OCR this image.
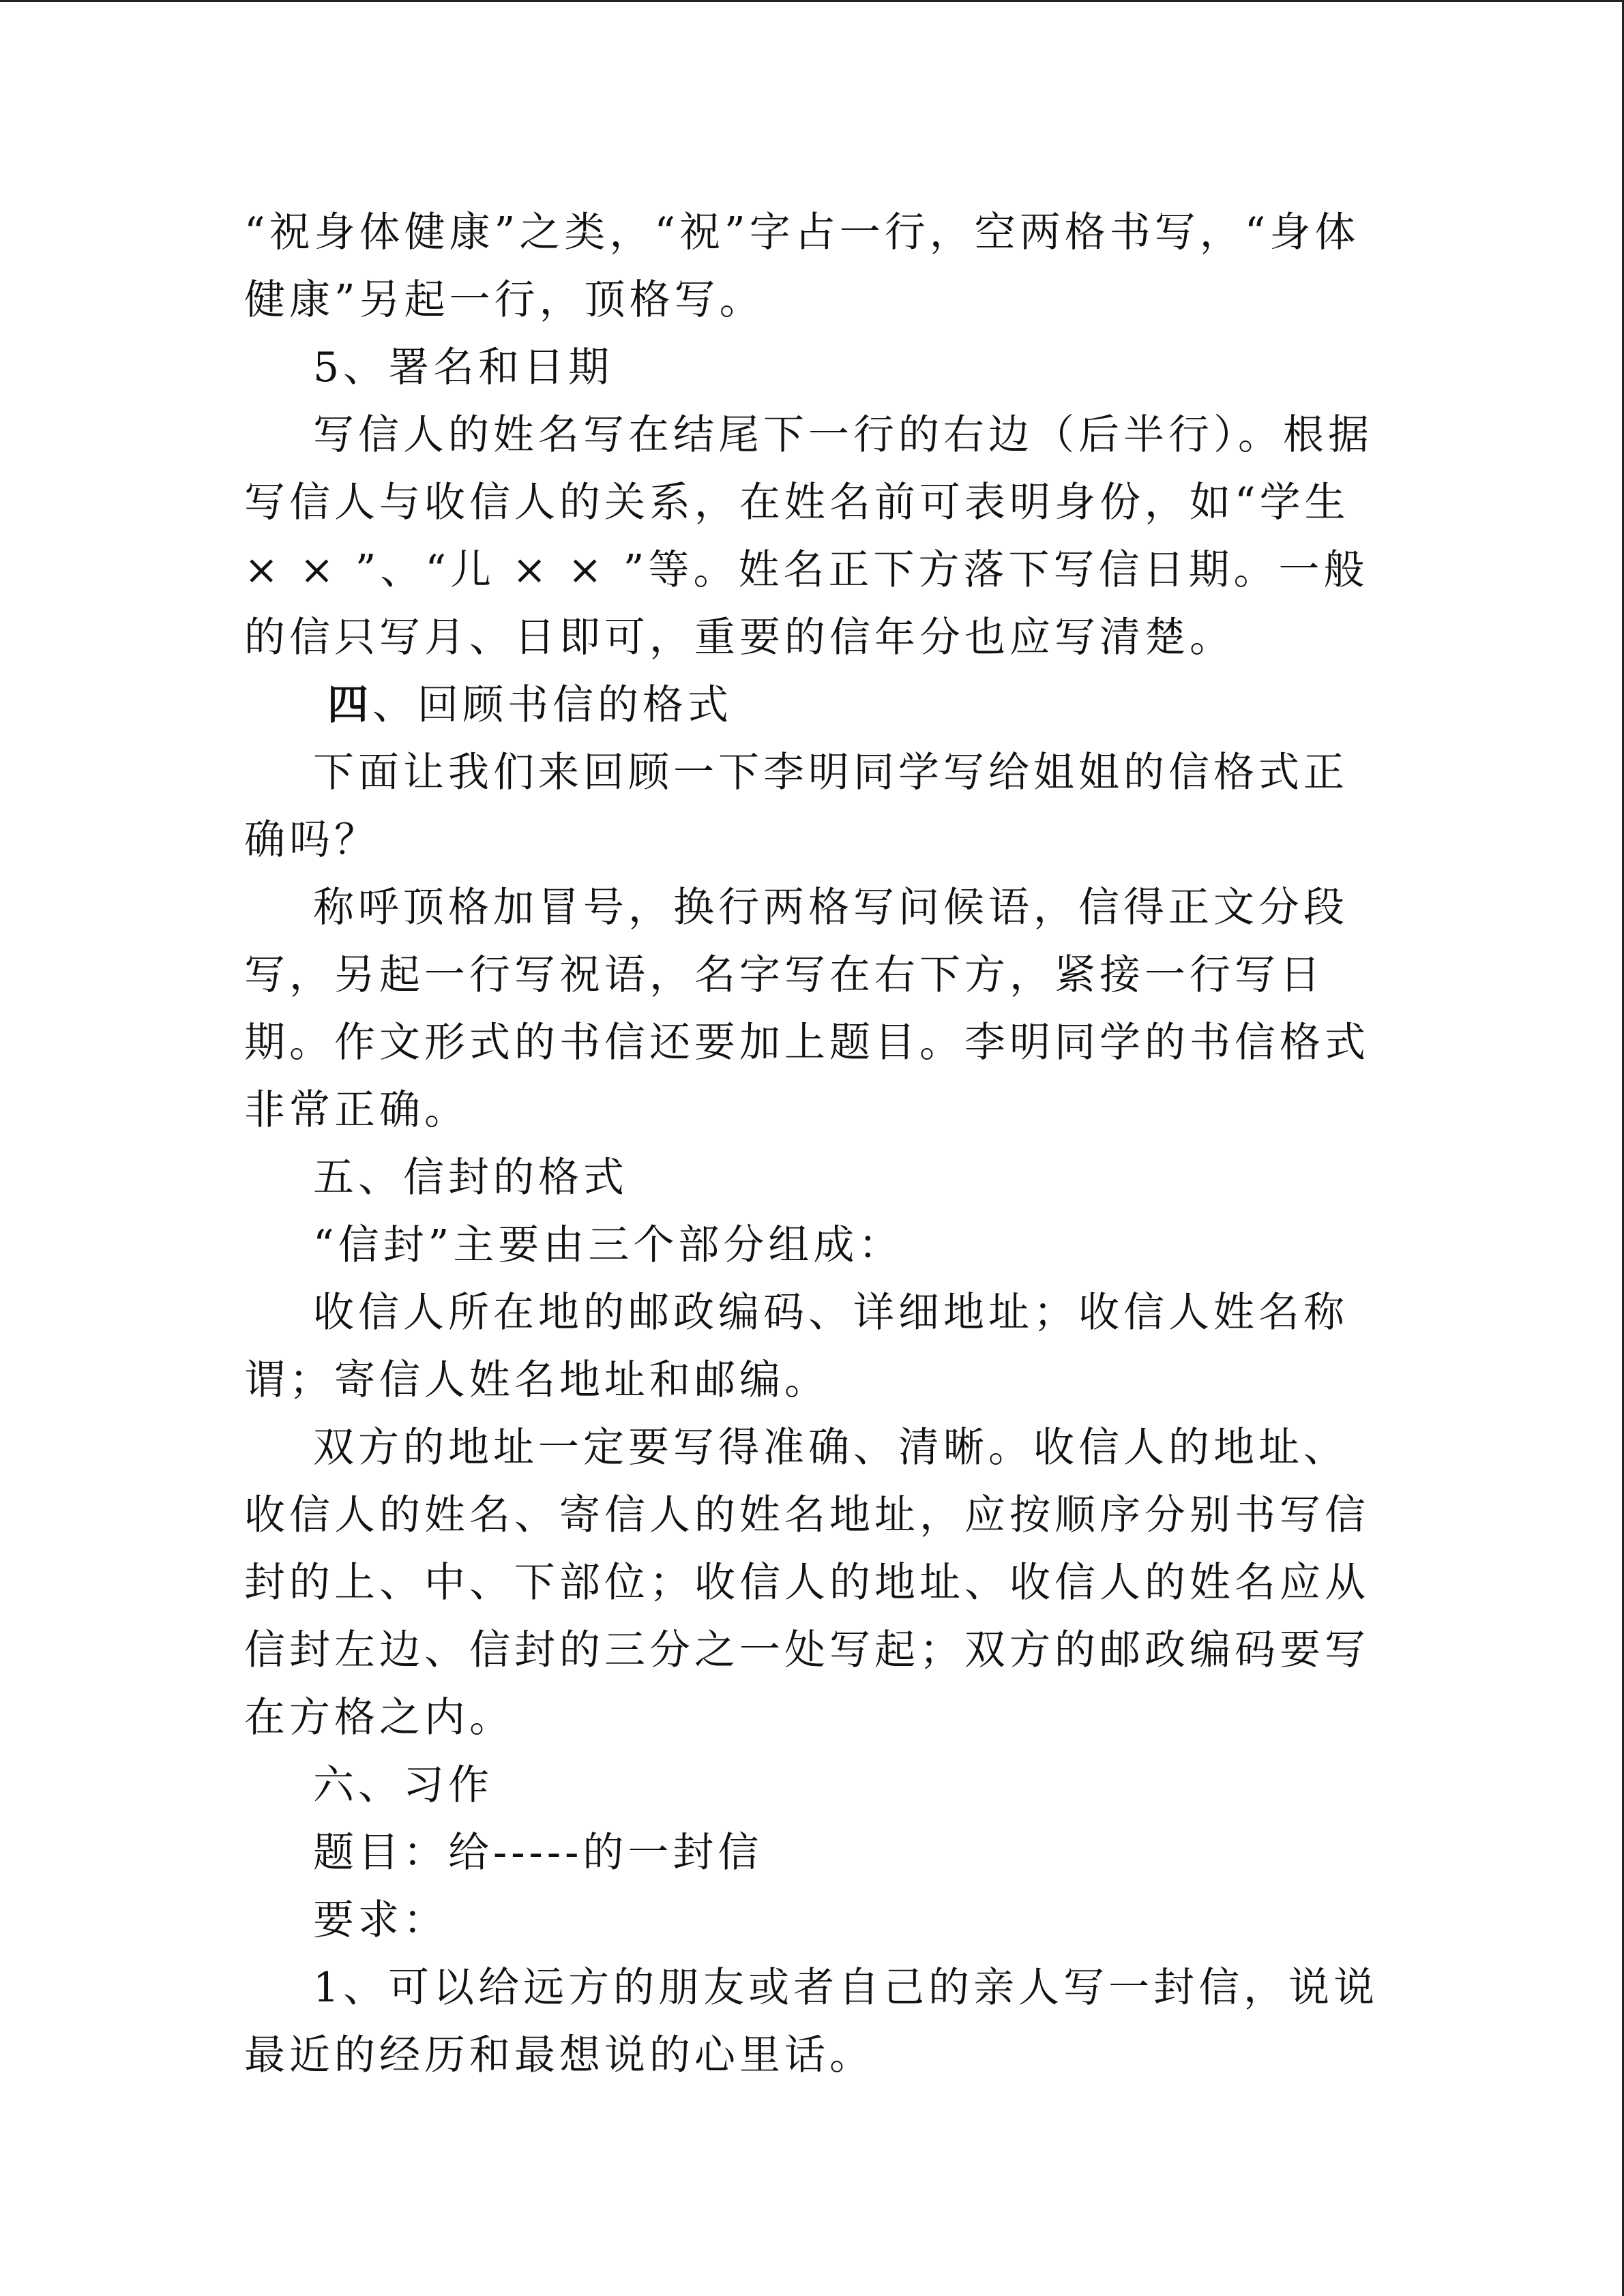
“祝身体健康”之类，“祝”字占一行，空两格书写，“身体健康”另起一行，顶格写。

5、署名和日期

写信人的姓名写在结尾下一行的右边（后半行）。根据写信人与收信人的关系，在姓名前可表明身份，如“学生 × × ”、“儿 × × ”等。姓名正下方落下写信日期。一般的信只写月、日即可，重要的信年分也应写清楚。

四、回顾书信的格式

下面让我们来回顾一下李明同学写给姐姐的信格式正确吗？

称呼顶格加冒号，换行两格写问候语，信得正文分段写，另起一行写祝语，名字写在右下方，紧接一行写日期。作文形式的书信还要加上题目。李明同学的书信格式非常正确。

五、信封的格式

“信封”主要由三个部分组成：

收信人所在地的邮政编码、详细地址；收信人姓名称谓；寄信人姓名地址和邮编。

双方的地址一定要写得准确、清晰。收信人的地址、收信人的姓名、寄信人的姓名地址，应按顺序分别书写信封的上、中、下部位；收信人的地址、收信人的姓名应从信封左边、信封的三分之一处写起；双方的邮政编码要写在方格之内。

六、习作

题目：给-----的一封信

要求：

1、可以给远方的朋友或者自己的亲人写一封信，说说最近的经历和最想说的心里话。
